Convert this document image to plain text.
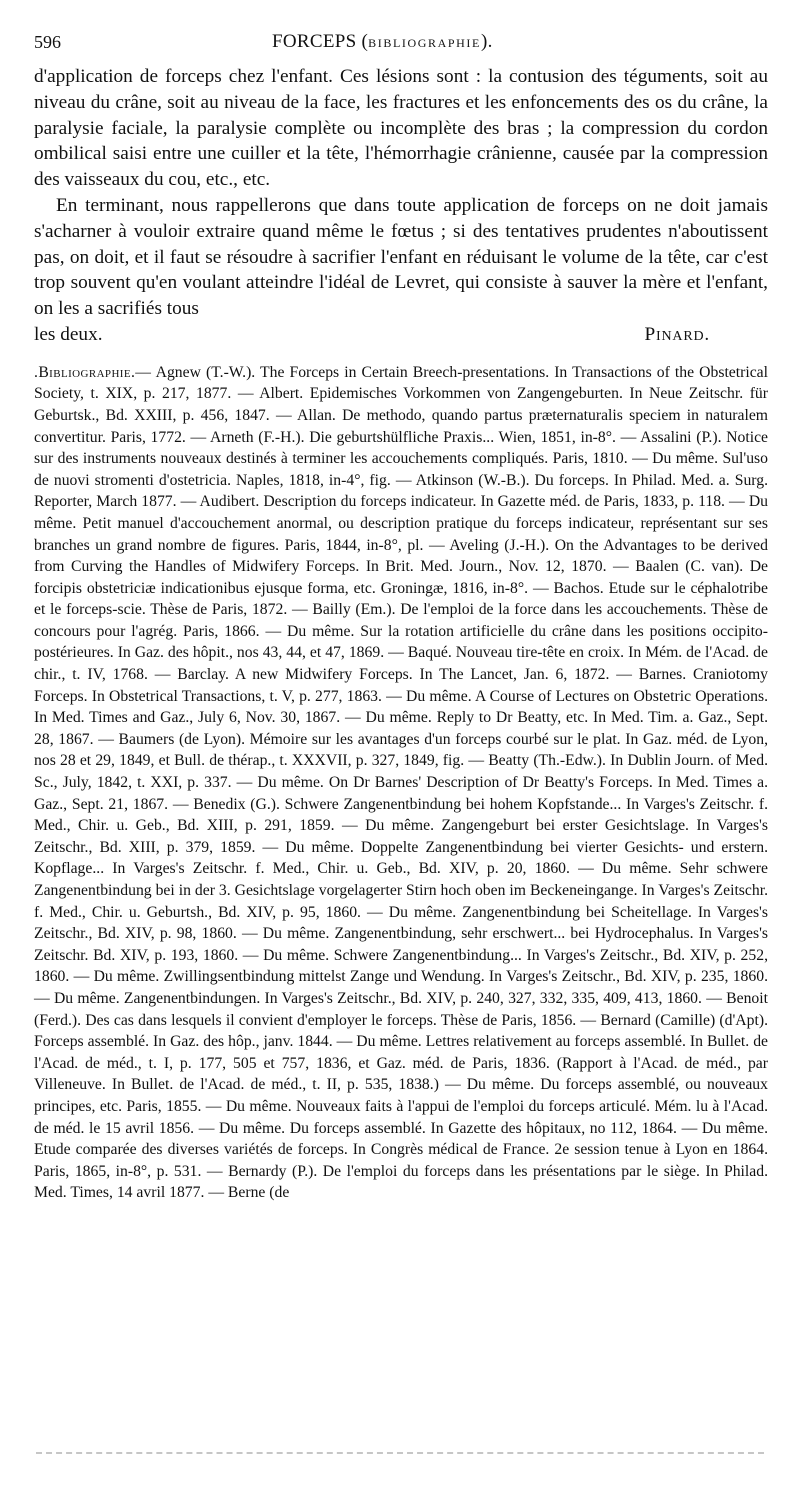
596	FORCEPS (BIBLIOGRAPHIE).

d'application de forceps chez l'enfant. Ces lésions sont : la contusion des téguments, soit au niveau du crâne, soit au niveau de la face, les fractures et les enfoncements des os du crâne, la paralysie faciale, la paralysie complète ou incomplète des bras ; la compression du cordon ombilical saisi entre une cuiller et la tête, l'hémorrhagie crânienne, causée par la compression des vaisseaux du cou, etc., etc.

En terminant, nous rappellerons que dans toute application de forceps on ne doit jamais s'acharner à vouloir extraire quand même le fœtus ; si des tentatives prudentes n'aboutissent pas, on doit, et il faut se résoudre à sacrifier l'enfant en réduisant le volume de la tête, car c'est trop souvent qu'en voulant atteindre l'idéal de Levret, qui consiste à sauver la mère et l'enfant, on les a sacrifiés tous

les deux.	Pinard.
.Bibliographie.— Agnew (T.-W.). The Forceps in Certain Breech-presentations. In Transactions of the Obstetrical Society, t. XIX, p. 217, 1877. — Albert. Epidemisches Vorkommen von Zangengeburten. In Neue Zeitschr. für Geburtsk., Bd. XXIII, p. 456, 1847. — Allan. De methodo, quando partus præternaturalis speciem in naturalem convertitur. Paris, 1772. — Arneth (F.-H.). Die geburtshülfliche Praxis... Wien, 1851, in-8°. — Assalini (P.). Notice sur des instruments nouveaux destinés à terminer les accouchements compliqués. Paris, 1810. — Du même. Sul'uso de nuovi stromenti d'ostetricia. Naples, 1818, in-4°, fig. — Atkinson (W.-B.). Du forceps. In Philad. Med. a. Surg. Reporter, March 1877. — Audibert. Description du forceps indicateur. In Gazette méd. de Paris, 1833, p. 118. — Du même. Petit manuel d'accouchement anormal, ou description pratique du forceps indicateur, représentant sur ses branches un grand nombre de figures. Paris, 1844, in-8°, pl. — Aveling (J.-H.). On the Advantages to be derived from Curving the Handles of Midwifery Forceps. In Brit. Med. Journ., Nov. 12, 1870. — Baalen (C. van). De forcipis obstetriciæ indicationibus ejusque forma, etc. Groningæ, 1816, in-8°. — Bachos. Etude sur le céphalotribe et le forceps-scie. Thèse de Paris, 1872. — Bailly (Em.). De l'emploi de la force dans les accouchements. Thèse de concours pour l'agrég. Paris, 1866. — Du même. Sur la rotation artificielle du crâne dans les positions occipito-postérieures. In Gaz. des hôpit., nos 43, 44, et 47, 1869. — Baqué. Nouveau tire-tête en croix. In Mém. de l'Acad. de chir., t. IV, 1768. — Barclay. A new Midwifery Forceps. In The Lancet, Jan. 6, 1872. — Barnes. Craniotomy Forceps. In Obstetrical Transactions, t. V, p. 277, 1863. — Du même. A Course of Lectures on Obstetric Operations. In Med. Times and Gaz., July 6, Nov. 30, 1867. — Du même. Reply to Dr Beatty, etc. In Med. Tim. a. Gaz., Sept. 28, 1867. — Baumers (de Lyon). Mémoire sur les avantages d'un forceps courbé sur le plat. In Gaz. méd. de Lyon, nos 28 et 29, 1849, et Bull. de thérap., t. XXXVII, p. 327, 1849, fig. — Beatty (Th.-Edw.). In Dublin Journ. of Med. Sc., July, 1842, t. XXI, p. 337. — Du même. On Dr Barnes' Description of Dr Beatty's Forceps. In Med. Times a. Gaz., Sept. 21, 1867. — Benedix (G.). Schwere Zangenentbindung bei hohem Kopfstande... In Varges's Zeitschr. f. Med., Chir. u. Geb., Bd. XIII, p. 291, 1859. — Du même. Zangengeburt bei erster Gesichtslage. In Varges's Zeitschr., Bd. XIII, p. 379, 1859. — Du même. Doppelte Zangenentbindung bei vierter Gesichts- und erstern. Kopflage... In Varges's Zeitschr. f. Med., Chir. u. Geb., Bd. XIV, p. 20, 1860. — Du même. Sehr schwere Zangenentbindung bei in der 3. Gesichtslage vorgelagerter Stirn hoch oben im Beckeneingange. In Varges's Zeitschr. f. Med., Chir. u. Geburtsh., Bd. XIV, p. 95, 1860. — Du même. Zangenentbindung bei Scheitellage. In Varges's Zeitschr., Bd. XIV, p. 98, 1860. — Du même. Zangenentbindung, sehr erschwert... bei Hydrocephalus. In Varges's Zeitschr. Bd. XIV, p. 193, 1860. — Du même. Schwere Zangenentbindung... In Varges's Zeitschr., Bd. XIV, p. 252, 1860. — Du même. Zwillingsentbindung mittelst Zange und Wendung. In Varges's Zeitschr., Bd. XIV, p. 235, 1860. — Du même. Zangenentbindungen. In Varges's Zeitschr., Bd. XIV, p. 240, 327, 332, 335, 409, 413, 1860. — Benoit (Ferd.). Des cas dans lesquels il convient d'employer le forceps. Thèse de Paris, 1856. — Bernard (Camille) (d'Apt). Forceps assemblé. In Gaz. des hôp., janv. 1844. — Du même. Lettres relativement au forceps assemblé. In Bullet. de l'Acad. de méd., t. I, p. 177, 505 et 757, 1836, et Gaz. méd. de Paris, 1836. (Rapport à l'Acad. de méd., par Villeneuve. In Bullet. de l'Acad. de méd., t. II, p. 535, 1838.) — Du même. Du forceps assemblé, ou nouveaux principes, etc. Paris, 1855. — Du même. Nouveaux faits à l'appui de l'emploi du forceps articulé. Mém. lu à l'Acad. de méd. le 15 avril 1856. — Du même. Du forceps assemblé. In Gazette des hôpitaux, no 112, 1864. — Du même. Etude comparée des diverses variétés de forceps. In Congrès médical de France. 2e session tenue à Lyon en 1864. Paris, 1865, in-8°, p. 531. — Bernardy (P.). De l'emploi du forceps dans les présentations par le siège. In Philad. Med. Times, 14 avril 1877. — Berne (de
